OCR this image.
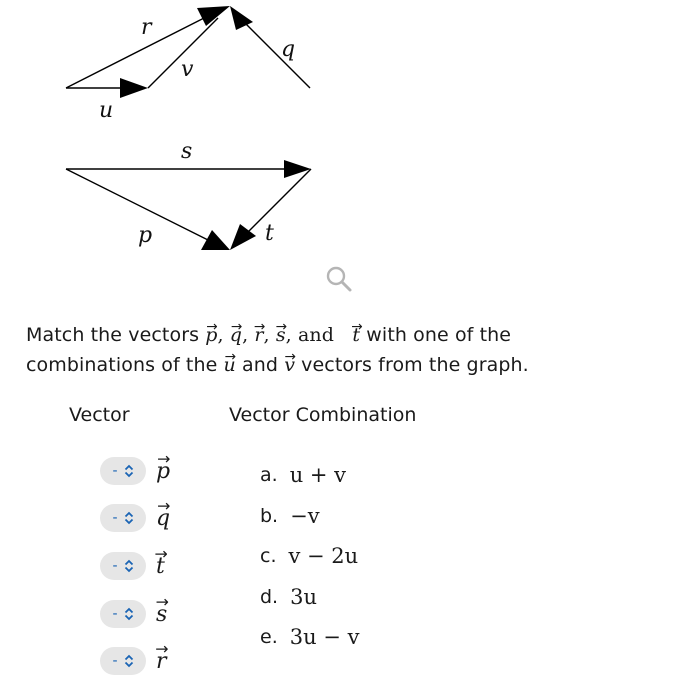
r
v
q
u
s
p	t
Match the vectors → p, → q, → r, → s, and → t with one of the
combinations of the → u and → v vectors from the graph.
Vector	Vector Combination
- → p
- → q
- → t
- → s
- → r
a. u + v
b. −v
c. v − 2u
d. 3u
e. 3u − v
